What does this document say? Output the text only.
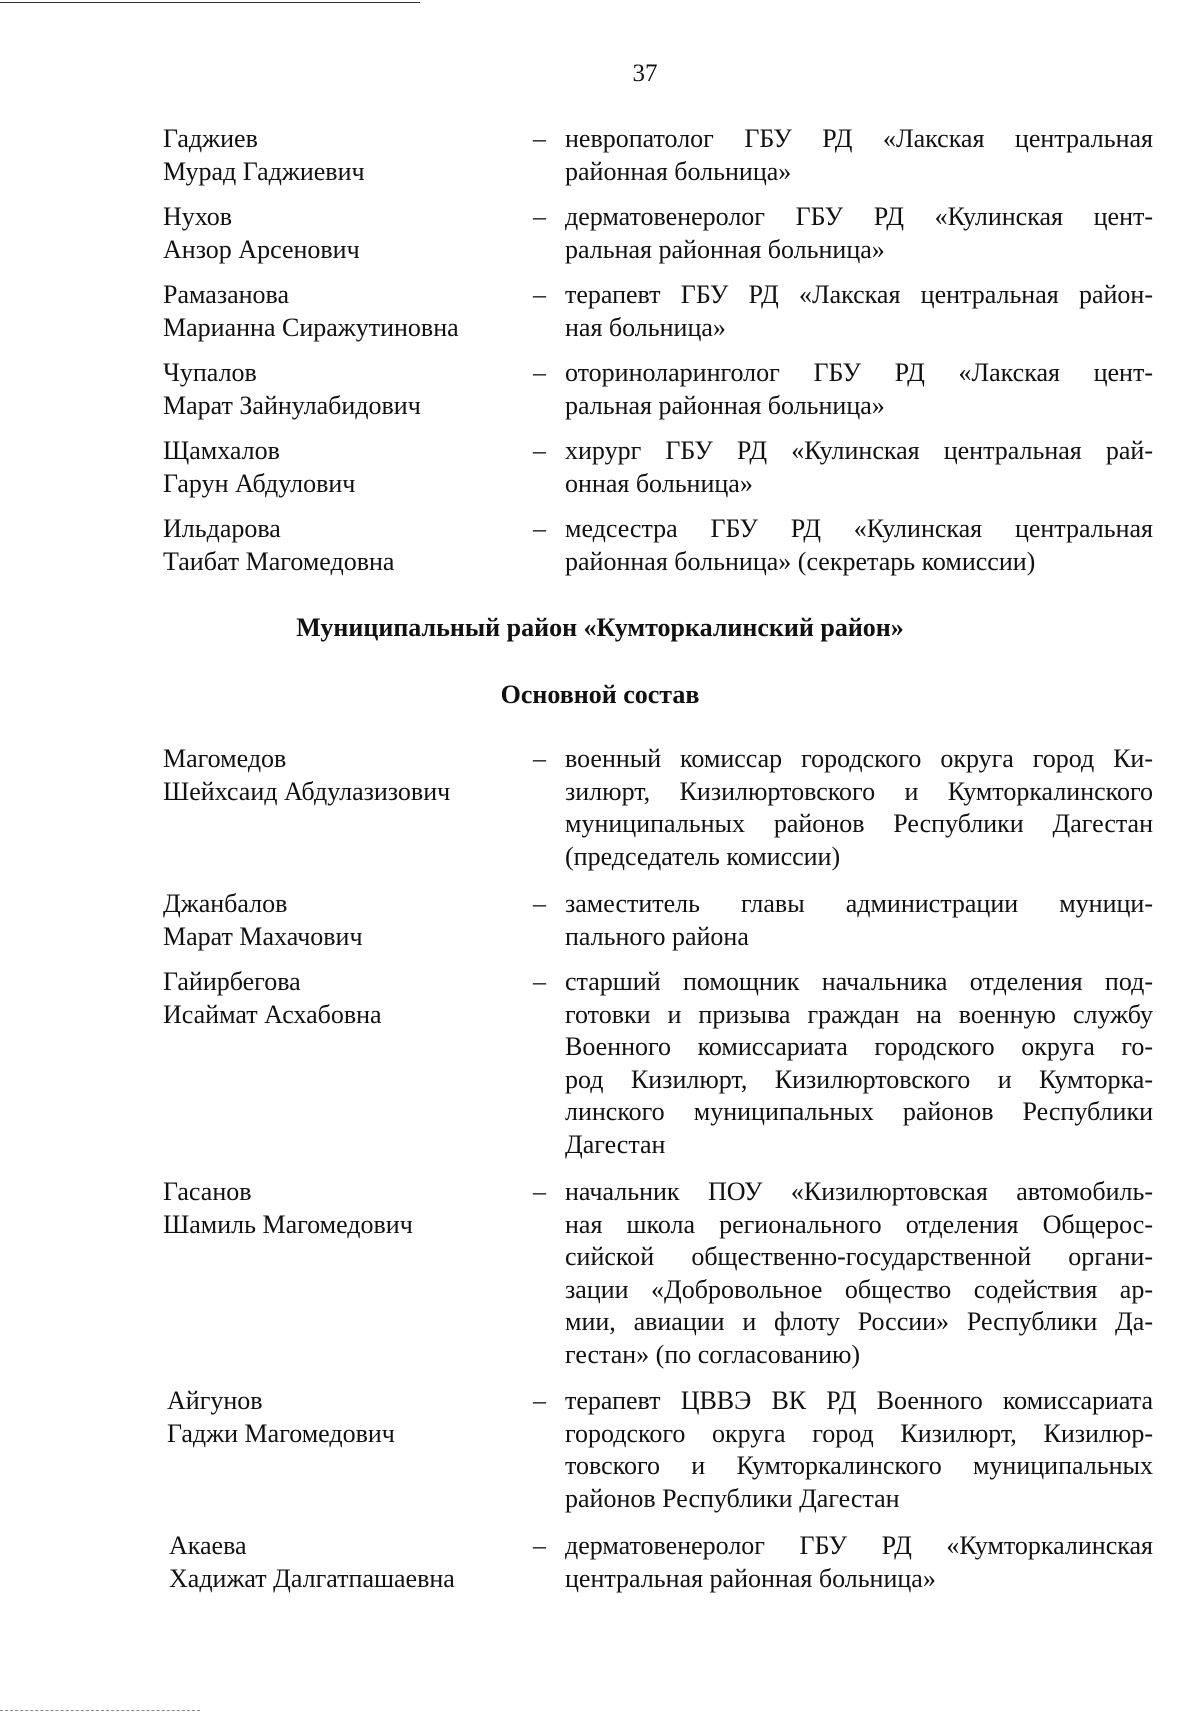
37
Гаджиев
Мурад Гаджиевич
– невропатолог ГБУ РД «Лакская центральная
районная больница»
Нухов
Анзор Арсенович
– дерматовенеролог ГБУ РД «Кулинская цент-
ральная районная больница»
Рамазанова
Марианна Сиражутиновна
– терапевт ГБУ РД «Лакская центральная район-
ная больница»
Чупалов
Марат Зайнулабидович
– оториноларинголог ГБУ РД «Лакская цент-
ральная районная больница»
Щамхалов
Гарун Абдулович
– хирург ГБУ РД «Кулинская центральная рай-
онная больница»
Ильдарова
Таибат Магомедовна
– медсестра ГБУ РД «Кулинская центральная
районная больница» (секретарь комиссии)
Магомедов
Шейхсаид Абдулазизович
– военный комиссар городского округа город Ки-
зилюрт, Кизилюртовского и Кумторкалинского
муниципальных районов Республики Дагестан
(председатель комиссии)
Джанбалов
Марат Махачович
– заместитель главы администрации муници-
пального района
Гайирбегова
Исаймат Асхабовна
– старший помощник начальника отделения под-
готовки и призыва граждан на военную службу
Военного комиссариата городского округа го-
род Кизилюрт, Кизилюртовского и Кумторка-
линского муниципальных районов Республики
Дагестан
Гасанов
Шамиль Магомедович
– начальник ПОУ «Кизилюртовская автомобиль-
ная школа регионального отделения Общерос-
сийской общественно-государственной органи-
зации «Добровольное общество содействия ар-
мии, авиации и флоту России» Республики Да-
гестан» (по согласованию)
Айгунов
Гаджи Магомедович
– терапевт ЦВВЭ ВК РД Военного комиссариата
городского округа город Кизилюрт, Кизилюр-
товского и Кумторкалинского муниципальных
районов Республики Дагестан
Акаева
Хадижат Далгатпашаевна
– дерматовенеролог ГБУ РД «Кумторкалинская
центральная районная больница»
Муниципальный район «Кумторкалинский район»
Основной состав
